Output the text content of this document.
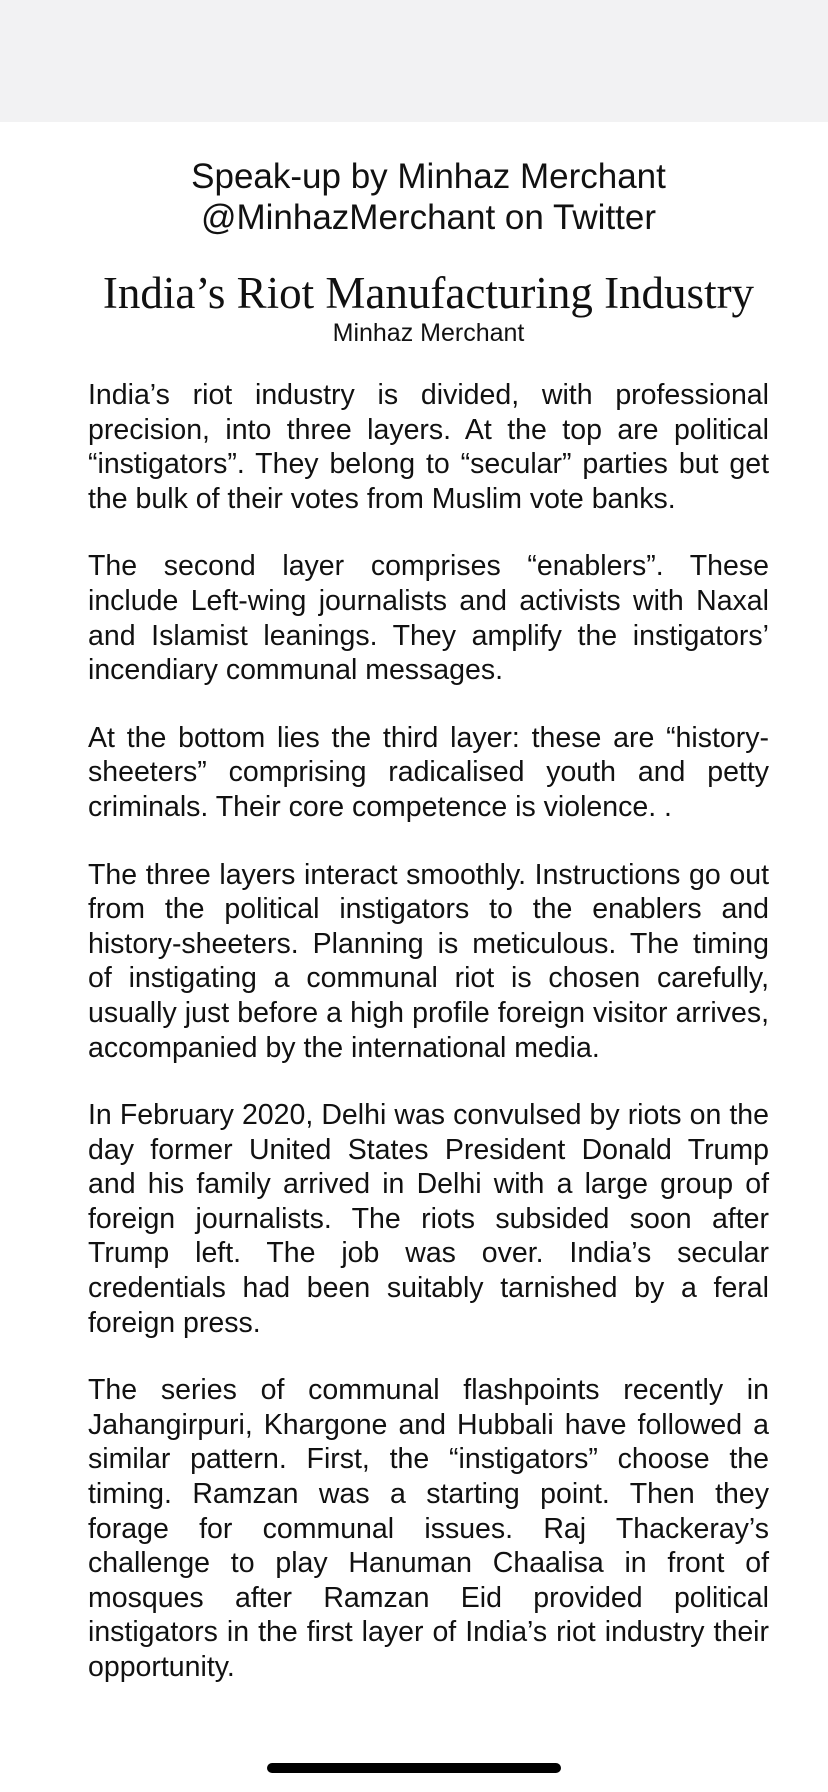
Speak-up by Minhaz Merchant
@MinhazMerchant on Twitter
India’s Riot Manufacturing Industry
Minhaz Merchant

India’s riot industry is divided, with professional precision, into three layers. At the top are political “instigators”. They belong to “secular” parties but get the bulk of their votes from Muslim vote banks.

The second layer comprises “enablers”. These include Left-wing journalists and activists with Naxal and Islamist leanings. They amplify the instigators’ incendiary communal messages.

At the bottom lies the third layer: these are “history-sheeters” comprising radicalised youth and petty criminals. Their core competence is violence. .

The three layers interact smoothly. Instructions go out from the political instigators to the enablers and history-sheeters. Planning is meticulous. The timing of instigating a communal riot is chosen carefully, usually just before a high profile foreign visitor arrives, accompanied by the international media.

In February 2020, Delhi was convulsed by riots on the day former United States President Donald Trump and his family arrived in Delhi with a large group of foreign journalists. The riots subsided soon after Trump left. The job was over. India’s secular credentials had been suitably tarnished by a feral foreign press.

The series of communal flashpoints recently in Jahangirpuri, Khargone and Hubbali have followed a similar pattern. First, the “instigators” choose the timing. Ramzan was a starting point. Then they forage for communal issues. Raj Thackeray’s challenge to play Hanuman Chaalisa in front of mosques after Ramzan Eid provided political instigators in the first layer of India’s riot industry their opportunity.
